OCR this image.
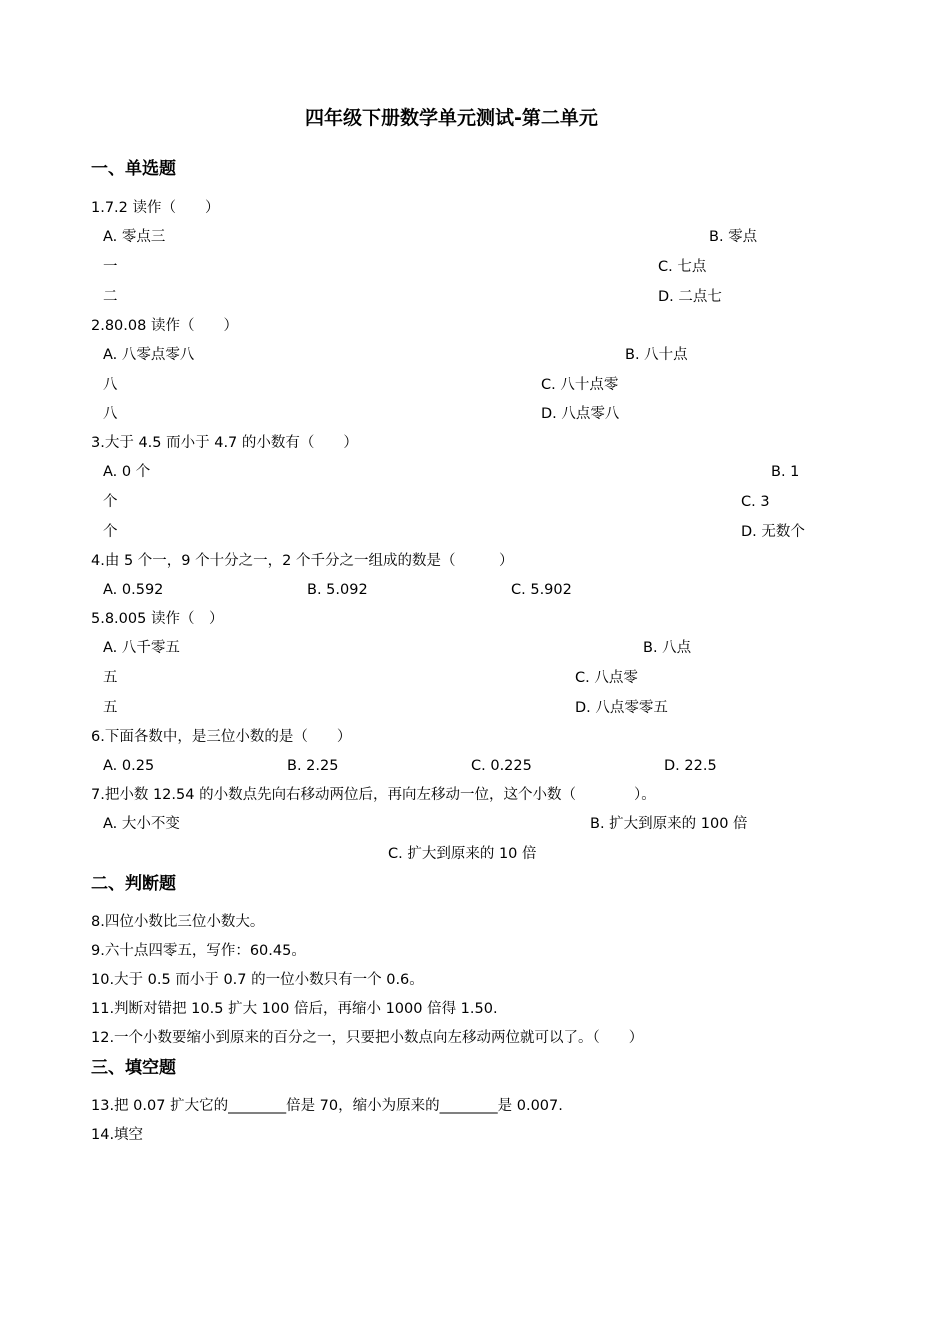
四年级下册数学单元测试-第二单元
一、单选题
1.7.2 读作（　　）
A. 零点三	B. 零点
一	C. 七点
二	D. 二点七
2.80.08 读作（　　）
A. 八零点零八	B. 八十点
八	C. 八十点零
八	D. 八点零八
3.大于 4.5 而小于 4.7 的小数有（　　）
A. 0 个	B. 1
个	C. 3
个	D. 无数个
4.由 5 个一，9 个十分之一，2 个千分之一组成的数是（　　　）
A. 0.592	B. 5.092	C. 5.902
5.8.005 读作（　）
A. 八千零五	B. 八点
五	C. 八点零
五	D. 八点零零五
6.下面各数中，是三位小数的是（　　）
A. 0.25	B. 2.25	C. 0.225	D. 22.5
7.把小数 12.54 的小数点先向右移动两位后，再向左移动一位，这个小数（　　　　）。
A. 大小不变	B. 扩大到原来的 100 倍
C. 扩大到原来的 10 倍
二、判断题
8.四位小数比三位小数大。
9.六十点四零五，写作：60.45。
10.大于 0.5 而小于 0.7 的一位小数只有一个 0.6。
11.判断对错把 10.5 扩大 100 倍后，再缩小 1000 倍得 1.50.
12.一个小数要缩小到原来的百分之一，只要把小数点向左移动两位就可以了。（　　）
三、填空题
13.把 0.07 扩大它的________倍是 70，缩小为原来的________是 0.007.
14.填空
